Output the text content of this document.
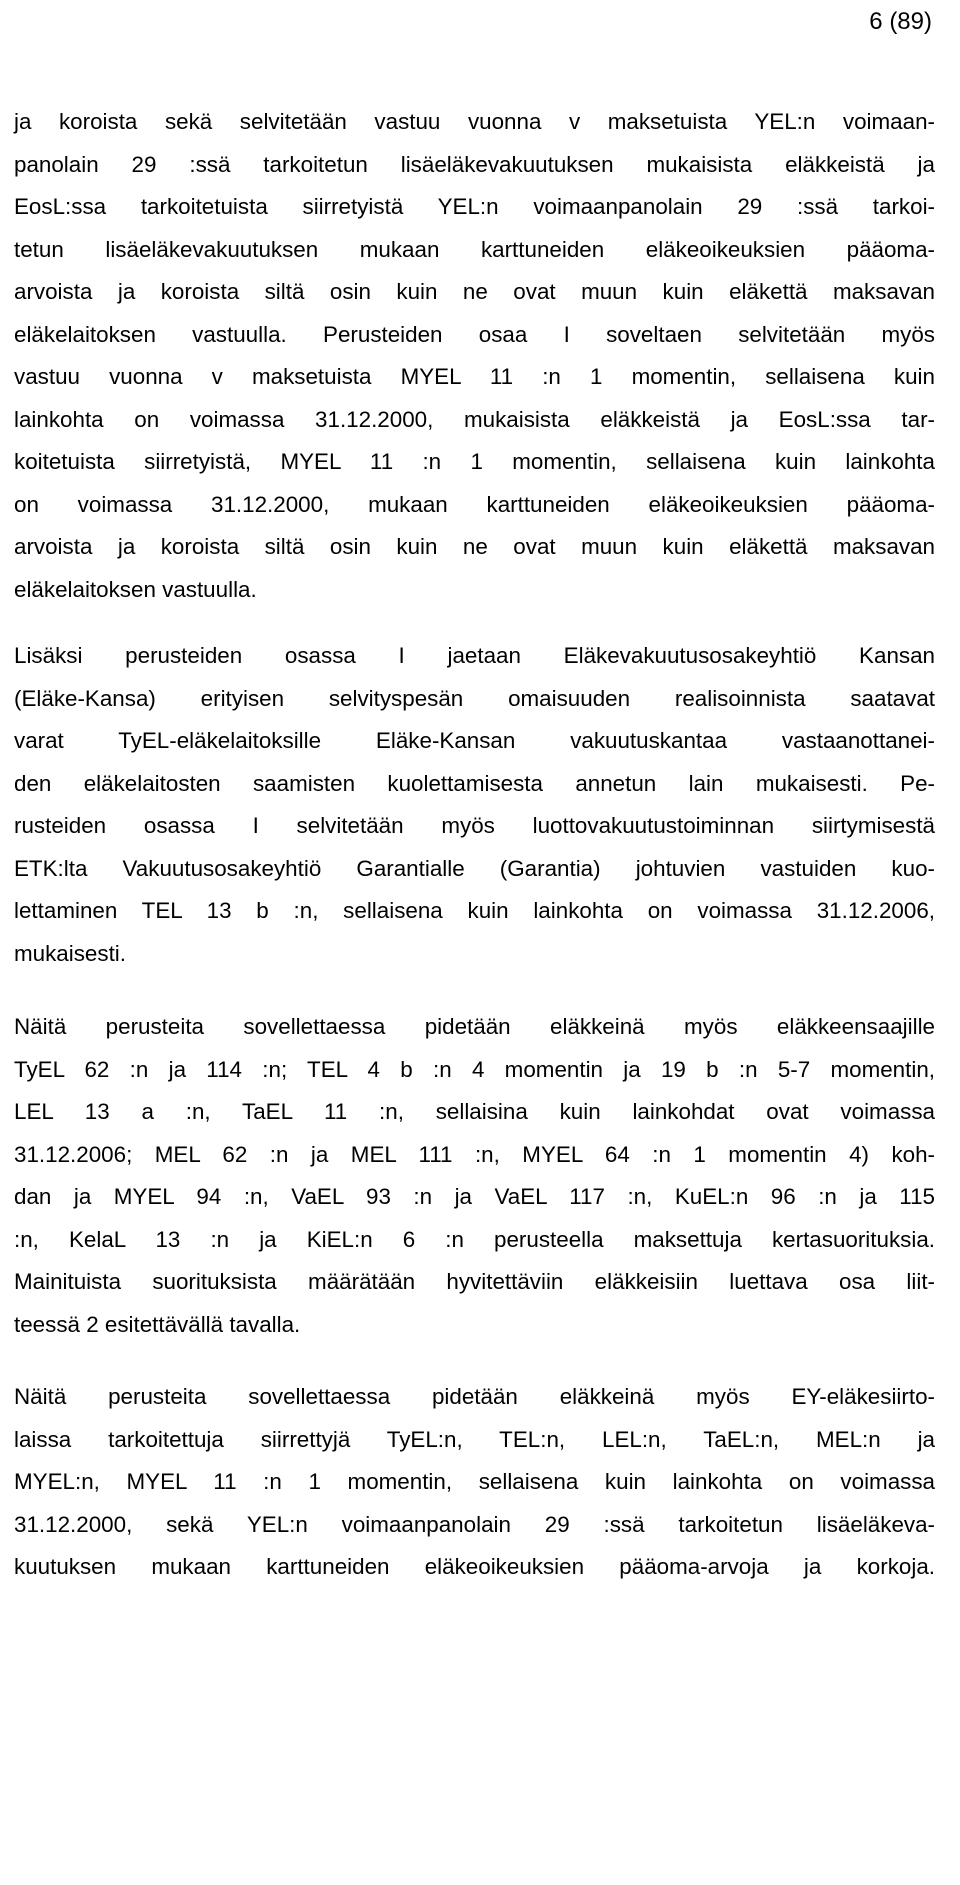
6 (89)
ja koroista sekä selvitetään vastuu vuonna v maksetuista YEL:n voimaan-
panolain 29 :ssä tarkoitetun lisäeläkevakuutuksen mukaisista eläkkeistä ja
EosL:ssa tarkoitetuista siirretyistä YEL:n voimaanpanolain 29 :ssä tarkoi-
tetun lisäeläkevakuutuksen mukaan karttuneiden eläkeoikeuksien pääoma-
arvoista ja koroista siltä osin kuin ne ovat muun kuin eläkettä maksavan
eläkelaitoksen vastuulla. Perusteiden osaa I soveltaen selvitetään myös
vastuu vuonna v maksetuista MYEL 11 :n 1 momentin, sellaisena kuin
lainkohta on voimassa 31.12.2000, mukaisista eläkkeistä ja EosL:ssa tar-
koitetuista siirretyistä, MYEL 11 :n 1 momentin, sellaisena kuin lainkohta
on voimassa 31.12.2000, mukaan karttuneiden eläkeoikeuksien pääoma-
arvoista ja koroista siltä osin kuin ne ovat muun kuin eläkettä maksavan
eläkelaitoksen vastuulla.
Lisäksi perusteiden osassa I jaetaan Eläkevakuutusosakeyhtiö Kansan
(Eläke-Kansa) erityisen selvityspesän omaisuuden realisoinnista saatavat
varat TyEL-eläkelaitoksille Eläke-Kansan vakuutuskantaa vastaanottanei-
den eläkelaitosten saamisten kuolettamisesta annetun lain mukaisesti. Pe-
rusteiden osassa I selvitetään myös luottovakuutustoiminnan siirtymisestä
ETK:lta Vakuutusosakeyhtiö Garantialle (Garantia) johtuvien vastuiden kuo-
lettaminen TEL 13 b :n, sellaisena kuin lainkohta on voimassa 31.12.2006,
mukaisesti.
Näitä perusteita sovellettaessa pidetään eläkkeinä myös eläkkeensaajille
TyEL 62 :n ja 114 :n; TEL 4 b :n 4 momentin ja 19 b :n 5-7 momentin,
LEL 13 a :n, TaEL 11 :n, sellaisina kuin lainkohdat ovat voimassa
31.12.2006; MEL 62 :n ja MEL 111 :n, MYEL 64 :n 1 momentin 4) koh-
dan ja MYEL 94 :n, VaEL 93 :n ja VaEL 117 :n, KuEL:n 96 :n ja 115
:n, KelaL 13 :n ja KiEL:n 6 :n perusteella maksettuja kertasuorituksia.
Mainituista suorituksista määrätään hyvitettäviin eläkkeisiin luettava osa liit-
teessä 2 esitettävällä tavalla.
Näitä perusteita sovellettaessa pidetään eläkkeinä myös EY-eläkesiirto-
laissa tarkoitettuja siirrettyjä TyEL:n, TEL:n, LEL:n, TaEL:n, MEL:n ja
MYEL:n, MYEL 11 :n 1 momentin, sellaisena kuin lainkohta on voimassa
31.12.2000, sekä YEL:n voimaanpanolain 29 :ssä tarkoitetun lisäeläkeva-
kuutuksen mukaan karttuneiden eläkeoikeuksien pääoma-arvoja ja korkoja.
